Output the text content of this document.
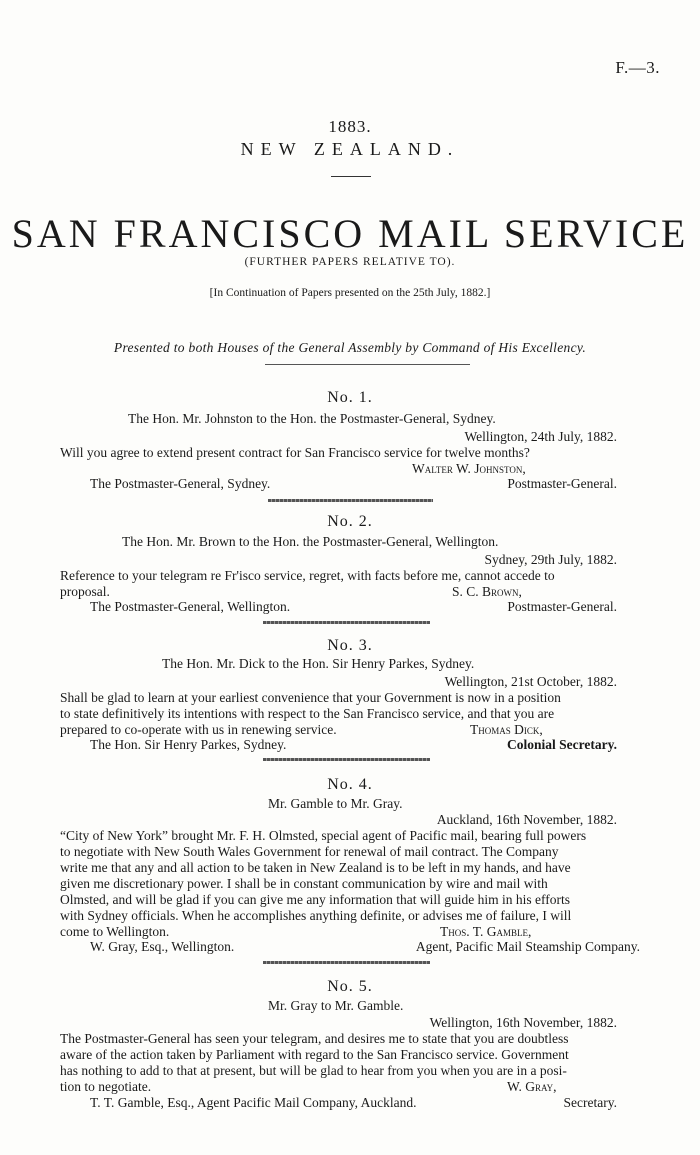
F.—3.
1883.
NEW ZEALAND.
SAN FRANCISCO MAIL SERVICE
(FURTHER PAPERS RELATIVE TO).
[In Continuation of Papers presented on the 25th July, 1882.]
Presented to both Houses of the General Assembly by Command of His Excellency.
No. 1.
The Hon. Mr. Johnston to the Hon. the Postmaster-General, Sydney.
Wellington, 24th July, 1882.
Will you agree to extend present contract for San Francisco service for twelve months?
Walter W. Johnston,
The Postmaster-General, Sydney.	Postmaster-General.
No. 2.
The Hon. Mr. Brown to the Hon. the Postmaster-General, Wellington.
Sydney, 29th July, 1882.
Reference to your telegram re Fr'isco service, regret, with facts before me, cannot accede to
proposal.	S. C. Brown,
The Postmaster-General, Wellington.	Postmaster-General.
No. 3.
The Hon. Mr. Dick to the Hon. Sir Henry Parkes, Sydney.
Wellington, 21st October, 1882.
Shall be glad to learn at your earliest convenience that your Government is now in a position
to state definitively its intentions with respect to the San Francisco service, and that you are
prepared to co-operate with us in renewing service.	Thomas Dick,
The Hon. Sir Henry Parkes, Sydney.	Colonial Secretary.
No. 4.
Mr. Gamble to Mr. Gray.
Auckland, 16th November, 1882.
“City of New York” brought Mr. F. H. Olmsted, special agent of Pacific mail, bearing full powers
to negotiate with New South Wales Government for renewal of mail contract. The Company
write me that any and all action to be taken in New Zealand is to be left in my hands, and have
given me discretionary power. I shall be in constant communication by wire and mail with
Olmsted, and will be glad if you can give me any information that will guide him in his efforts
with Sydney officials. When he accomplishes anything definite, or advises me of failure, I will
come to Wellington.	Thos. T. Gamble,
W. Gray, Esq., Wellington.	Agent, Pacific Mail Steamship Company.
No. 5.
Mr. Gray to Mr. Gamble.
Wellington, 16th November, 1882.
The Postmaster-General has seen your telegram, and desires me to state that you are doubtless
aware of the action taken by Parliament with regard to the San Francisco service. Government
has nothing to add to that at present, but will be glad to hear from you when you are in a posi-
tion to negotiate.	W. Gray,
T. T. Gamble, Esq., Agent Pacific Mail Company, Auckland.	Secretary.
